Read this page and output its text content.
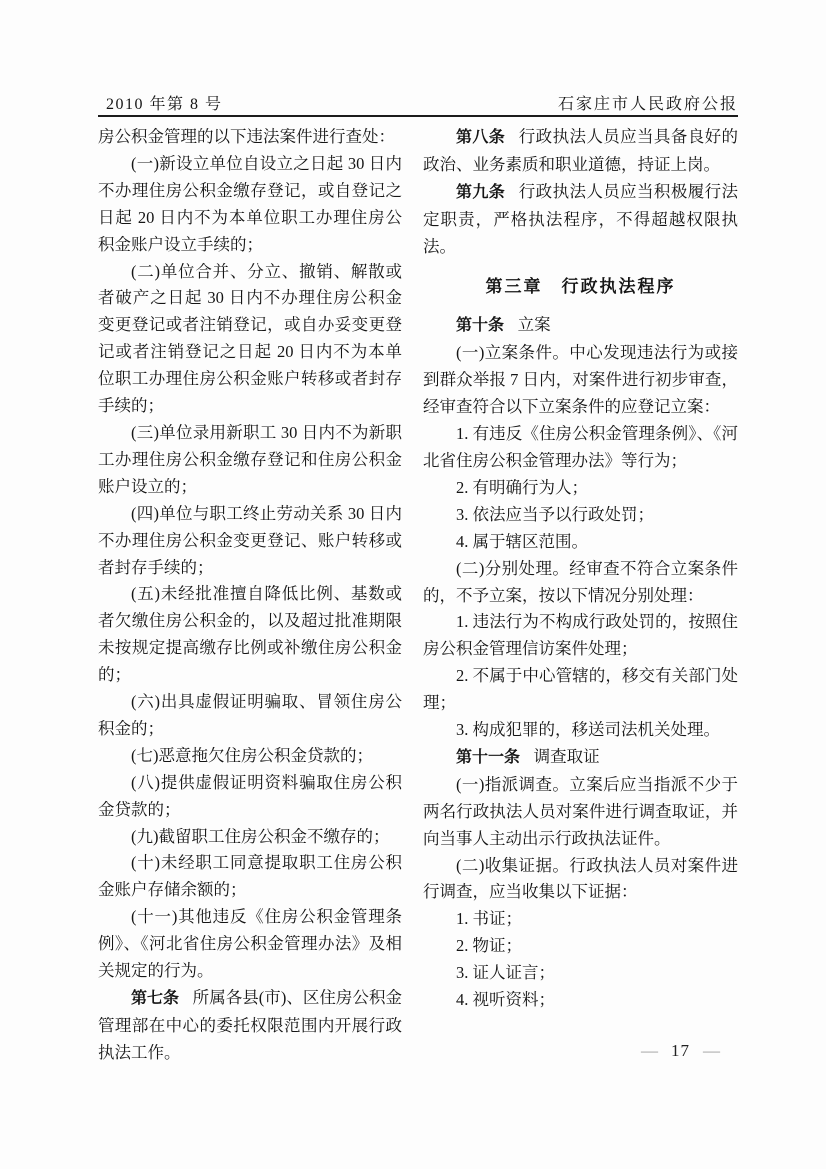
2010 年第 8 号	石家庄市人民政府公报

房公积金管理的以下违法案件进行查处：

(一)新设立单位自设立之日起 30 日内不办理住房公积金缴存登记，或自登记之日起 20 日内不为本单位职工办理住房公积金账户设立手续的；

(二)单位合并、分立、撤销、解散或者破产之日起 30 日内不办理住房公积金变更登记或者注销登记，或自办妥变更登记或者注销登记之日起 20 日内不为本单位职工办理住房公积金账户转移或者封存手续的；

(三)单位录用新职工 30 日内不为新职工办理住房公积金缴存登记和住房公积金账户设立的；

(四)单位与职工终止劳动关系 30 日内不办理住房公积金变更登记、账户转移或者封存手续的；

(五)未经批准擅自降低比例、基数或者欠缴住房公积金的，以及超过批准期限未按规定提高缴存比例或补缴住房公积金的；

(六)出具虚假证明骗取、冒领住房公积金的；

(七)恶意拖欠住房公积金贷款的；

(八)提供虚假证明资料骗取住房公积金贷款的；

(九)截留职工住房公积金不缴存的；

(十)未经职工同意提取职工住房公积金账户存储余额的；

(十一)其他违反《住房公积金管理条例》、《河北省住房公积金管理办法》及相关规定的行为。

第七条 所属各县(市)、区住房公积金管理部在中心的委托权限范围内开展行政执法工作。

第八条 行政执法人员应当具备良好的政治、业务素质和职业道德，持证上岗。

第九条 行政执法人员应当积极履行法定职责，严格执法程序，不得超越权限执法。

第三章　行政执法程序

第十条 立案

(一)立案条件。中心发现违法行为或接到群众举报 7 日内，对案件进行初步审查，经审查符合以下立案条件的应登记立案：

1. 有违反《住房公积金管理条例》、《河北省住房公积金管理办法》等行为；

2. 有明确行为人；

3. 依法应当予以行政处罚；

4. 属于辖区范围。

(二)分别处理。经审查不符合立案条件的，不予立案，按以下情况分别处理：

1. 违法行为不构成行政处罚的，按照住房公积金管理信访案件处理；

2. 不属于中心管辖的，移交有关部门处理；

3. 构成犯罪的，移送司法机关处理。

第十一条 调查取证

(一)指派调查。立案后应当指派不少于两名行政执法人员对案件进行调查取证，并向当事人主动出示行政执法证件。

(二)收集证据。行政执法人员对案件进行调查，应当收集以下证据：

1. 书证；

2. 物证；

3. 证人证言；

4. 视听资料；

— 17 —
